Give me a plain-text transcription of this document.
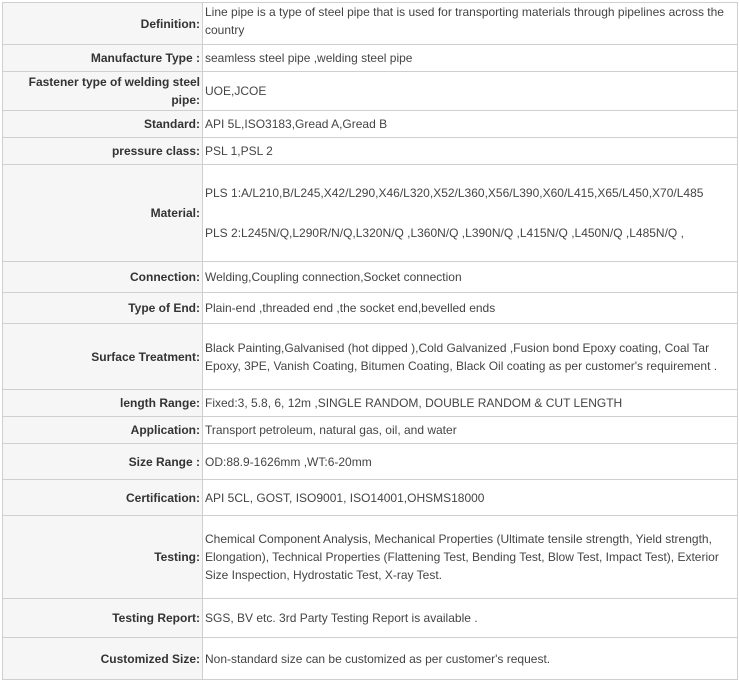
Definition:	Line pipe is a type of steel pipe that is used for transporting materials through pipelines across the country
Manufacture Type :	seamless steel pipe ,welding steel pipe
Fastener type of welding steel pipe:	UOE,JCOE
Standard:	API 5L,ISO3183,Gread A,Gread B
pressure class:	PSL 1,PSL 2
Material:	PLS 1:A/L210,B/L245,X42/L290,X46/L320,X52/L360,X56/L390,X60/L415,X65/L450,X70/L485
PLS 2:L245N/Q,L290R/N/Q,L320N/Q ,L360N/Q ,L390N/Q ,L415N/Q ,L450N/Q ,L485N/Q ,

Connection:	Welding,Coupling connection,Socket connection
Type of End:	Plain-end ,threaded end ,the socket end,bevelled ends
Surface Treatment:	Black Painting,Galvanised (hot dipped ),Cold Galvanized ,Fusion bond Epoxy coating, Coal Tar Epoxy, 3PE, Vanish Coating, Bitumen Coating, Black Oil coating as per customer's requirement .
length Range:	Fixed:3, 5.8, 6, 12m ,SINGLE RANDOM, DOUBLE RANDOM & CUT LENGTH
Application:	Transport petroleum, natural gas, oil, and water
Size Range :	OD:88.9-1626mm ,WT:6-20mm
Certification:	API 5CL, GOST, ISO9001, ISO14001,OHSMS18000
Testing:	Chemical Component Analysis, Mechanical Properties (Ultimate tensile strength, Yield strength, Elongation), Technical Properties (Flattening Test, Bending Test, Blow Test, Impact Test), Exterior Size Inspection, Hydrostatic Test, X-ray Test.
Testing Report:	SGS, BV etc. 3rd Party Testing Report is available .
Customized Size:	Non-standard size can be customized as per customer's request.
